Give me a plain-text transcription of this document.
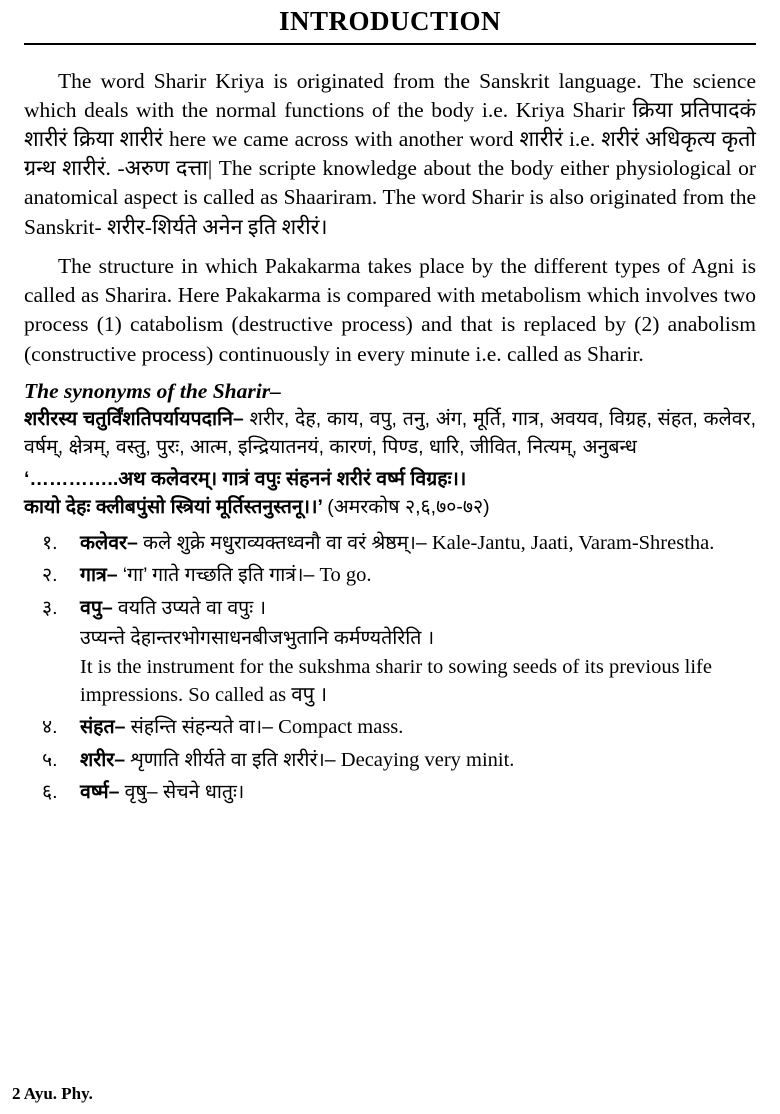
INTRODUCTION

The word Sharir Kriya is originated from the Sanskrit language. The science which deals with the normal functions of the body i.e. Kriya Sharir क्रिया प्रतिपादकं शारीरं क्रिया शारीरं here we came across with another word शारीरं i.e. शरीरं अधिकृत्य कृतो ग्रन्थ शारीरं. -अरुण दत्ता| The scripte knowledge about the body either physiological or anatomical aspect is called as Shaariram. The word Sharir is also originated from the Sanskrit- शरीर-शिर्यते अनेन इति शरीरं।

The structure in which Pakakarma takes place by the different types of Agni is called as Sharira. Here Pakakarma is compared with metabolism which involves two process (1) catabolism (destructive process) and that is replaced by (2) anabolism (constructive process) continuously in every minute i.e. called as Sharir.

The synonyms of the Sharir–
शरीरस्य चतुर्विंशतिपर्यायपदानि– शरीर, देह, काय, वपु, तनु, अंग, मूर्ति, गात्र, अवयव, विग्रह, संहत, कलेवर, वर्षम्, क्षेत्रम्, वस्तु, पुरः, आत्म, इन्द्रियातनयं, कारणं, पिण्ड, धारि, जीवित, नित्यम्, अनुबन्ध
‘…………..अथ कलेवरम्। गात्रं वपुः संहननं शरीरं वर्ष्म विग्रहः।।
कायो देहः क्लीबपुंसो स्त्रियां मूर्तिस्तनुस्तनू।।’ (अमरकोष २,६,७०-७२)
१. कलेवर– कले शुक्रे मधुराव्यक्तध्वनौ वा वरं श्रेष्ठम्।– Kale-Jantu, Jaati, Varam-Shrestha.
२. गात्र– ‘गा’ गाते गच्छति इति गात्रं।– To go.
३. वपु– वयति उप्यते वा वपुः ।
उप्यन्ते देहान्तरभोगसाधनबीजभुतानि कर्मण्यतेरिति ।
It is the instrument for the sukshma sharir to sowing seeds of its previous life impressions. So called as वपु ।
४. संहत– संहन्ति संहन्यते वा।– Compact mass.
५. शरीर– शृणाति शीर्यते वा इति शरीरं।– Decaying very minit.
६. वर्ष्म– वृषु– सेचने धातुः।
2 Ayu. Phy.
